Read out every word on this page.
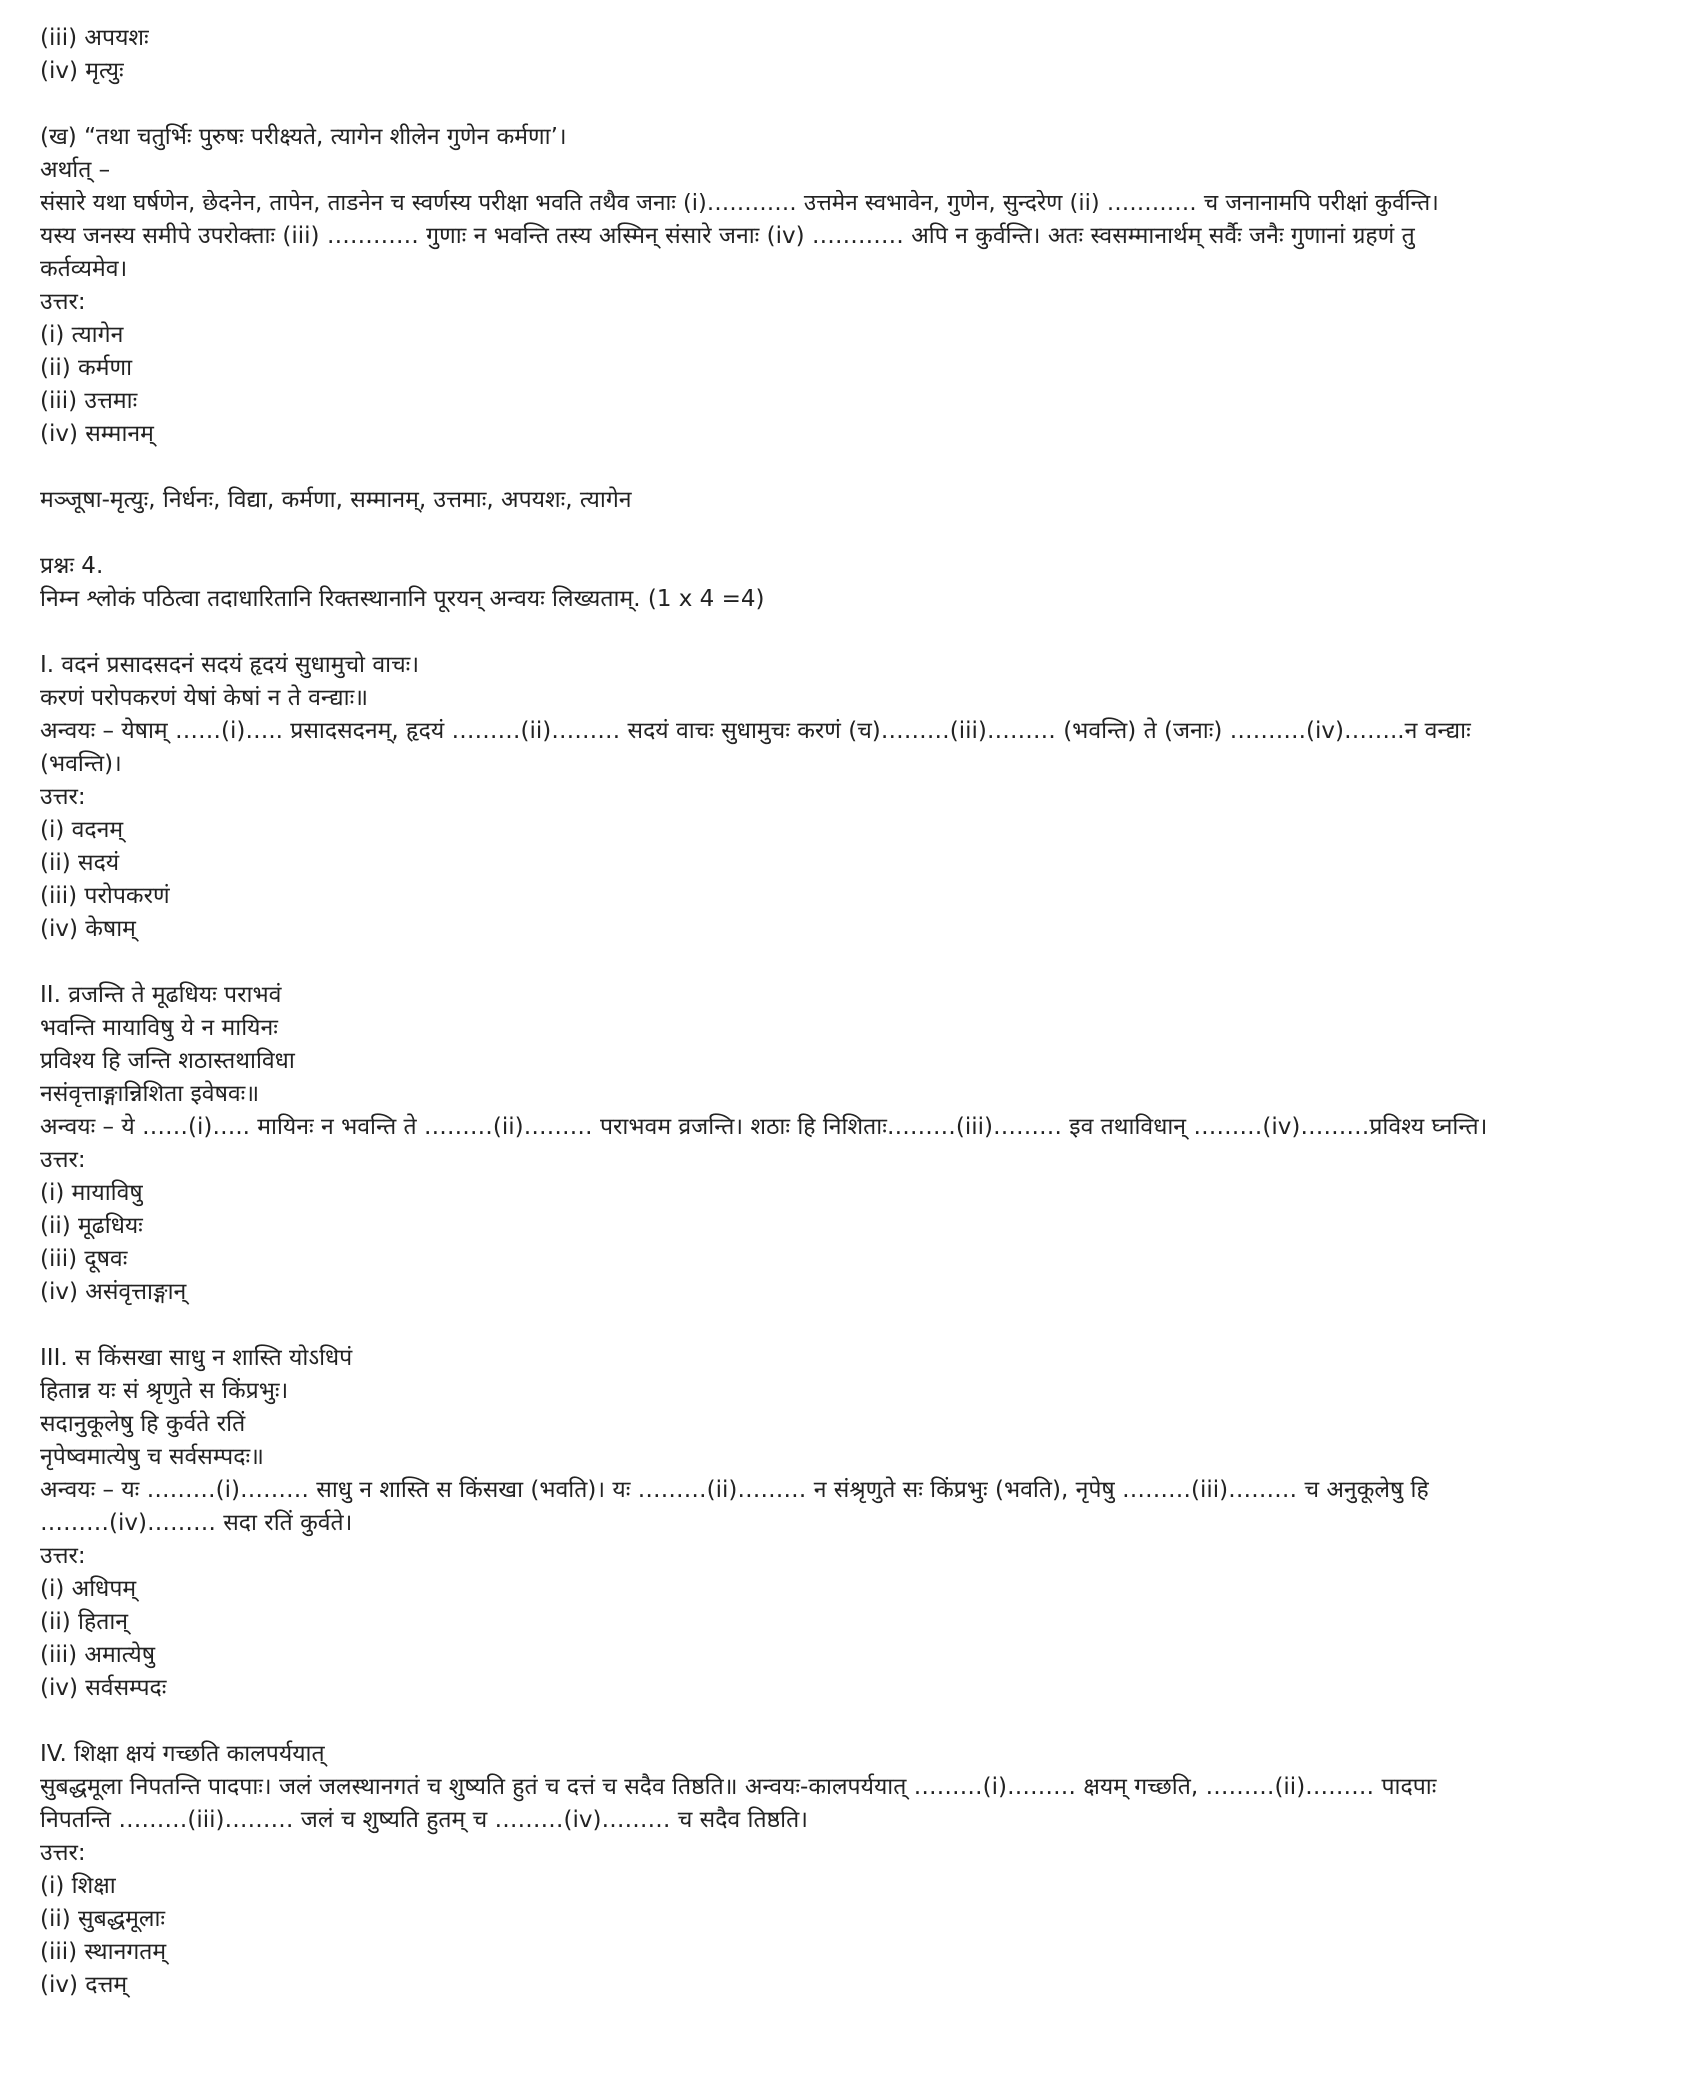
(iii) अपयशः
(iv) मृत्युः
(ख) “तथा चतुर्भिः पुरुषः परीक्ष्यते, त्यागेन शीलेन गुणेन कर्मणा’।
अर्थात् –
संसारे यथा घर्षणेन, छेदनेन, तापेन, ताडनेन च स्वर्णस्य परीक्षा भवति तथैव जनाः (i)………… उत्तमेन स्वभावेन, गुणेन, सुन्दरेण (ii) ………… च जनानामपि परीक्षां कुर्वन्ति।
यस्य जनस्य समीपे उपरोक्ताः (iii) ………… गुणाः न भवन्ति तस्य अस्मिन् संसारे जनाः (iv) ………… अपि न कुर्वन्ति। अतः स्वसम्मानार्थम् सर्वैः जनैः गुणानां ग्रहणं तु
कर्तव्यमेव।
उत्तर:
(i) त्यागेन
(ii) कर्मणा
(iii) उत्तमाः
(iv) सम्मानम्
मञ्जूषा-मृत्युः, निर्धनः, विद्या, कर्मणा, सम्मानम्, उत्तमाः, अपयशः, त्यागेन
प्रश्नः 4.
निम्न श्लोकं पठित्वा तदाधारितानि रिक्तस्थानानि पूरयन् अन्वयः लिख्यताम्. (1 x 4 =4)
I. वदनं प्रसादसदनं सदयं हृदयं सुधामुचो वाचः।
करणं परोपकरणं येषां केषां न ते वन्द्याः॥
अन्वयः – येषाम् ……(i)….. प्रसादसदनम्, हृदयं ………(ii)……… सदयं वाचः सुधामुचः करणं (च)………(iii)……… (भवन्ति) ते (जनाः) ……….(iv)……..न वन्द्याः
(भवन्ति)।
उत्तर:
(i) वदनम्
(ii) सदयं
(iii) परोपकरणं
(iv) केषाम्
II. व्रजन्ति ते मूढधियः पराभवं
भवन्ति मायाविषु ये न मायिनः
प्रविश्य हि जन्ति शठास्तथाविधा
नसंवृत्ताङ्गान्निशिता इवेषवः॥
अन्वयः – ये ……(i)….. मायिनः न भवन्ति ते ………(ii)……… पराभवम व्रजन्ति। शठाः हि निशिताः………(iii)……… इव तथाविधान् ………(iv)………प्रविश्य घ्नन्ति।
उत्तर:
(i) मायाविषु
(ii) मूढधियः
(iii) दूषवः
(iv) असंवृत्ताङ्गान्
III. स किंसखा साधु न शास्ति योऽधिपं
हितान्न यः सं श्रृणुते स किंप्रभुः।
सदानुकूलेषु हि कुर्वते रतिं
नृपेष्वमात्येषु च सर्वसम्पदः॥
अन्वयः – यः ………(i)……… साधु न शास्ति स किंसखा (भवति)। यः ………(ii)……… न संश्रृणुते सः किंप्रभुः (भवति), नृपेषु ………(iii)……… च अनुकूलेषु हि
………(iv)……… सदा रतिं कुर्वते।
उत्तर:
(i) अधिपम्
(ii) हितान्
(iii) अमात्येषु
(iv) सर्वसम्पदः
IV. शिक्षा क्षयं गच्छति कालपर्ययात्
सुबद्धमूला निपतन्ति पादपाः। जलं जलस्थानगतं च शुष्यति हुतं च दत्तं च सदैव तिष्ठति॥ अन्वयः-कालपर्ययात् ………(i)……… क्षयम् गच्छति, ………(ii)……… पादपाः
निपतन्ति ………(iii)……… जलं च शुष्यति हुतम् च ………(iv)……… च सदैव तिष्ठति।
उत्तर:
(i) शिक्षा
(ii) सुबद्धमूलाः
(iii) स्थानगतम्
(iv) दत्तम्
